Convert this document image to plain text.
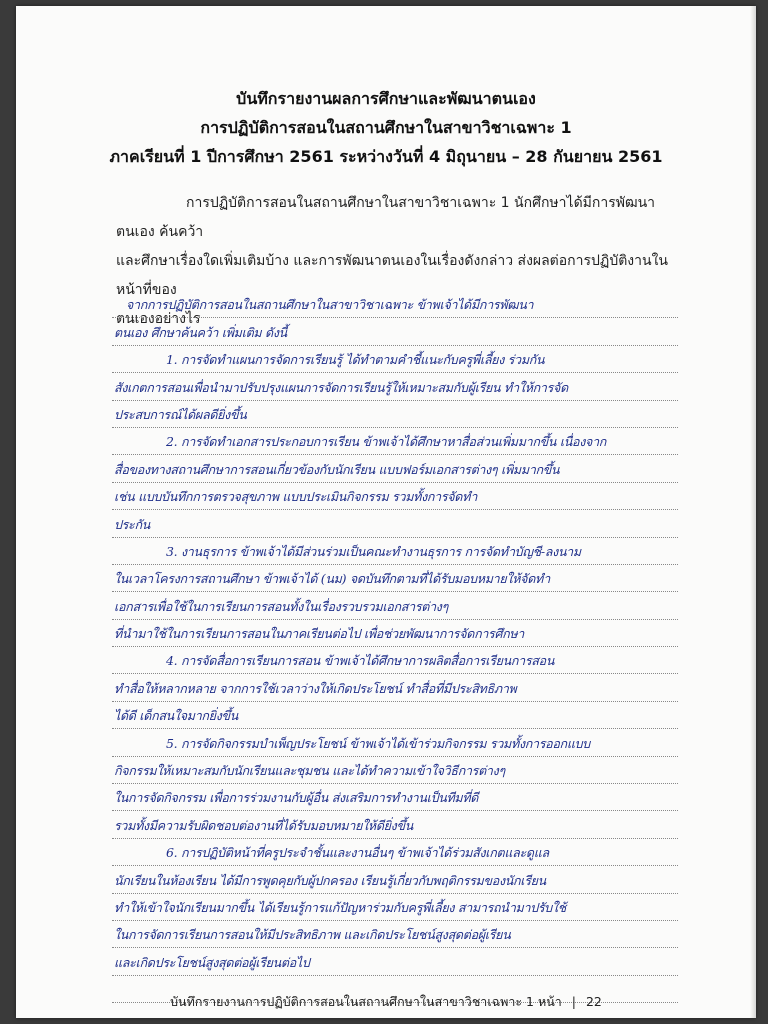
บันทึกรายงานผลการศึกษาและพัฒนาตนเอง
การปฏิบัติการสอนในสถานศึกษาในสาขาวิชาเฉพาะ 1
ภาคเรียนที่ 1 ปีการศึกษา 2561 ระหว่างวันที่ 4 มิถุนายน – 28 กันยายน 2561
การปฏิบัติการสอนในสถานศึกษาในสาขาวิชาเฉพาะ 1 นักศึกษาได้มีการพัฒนาตนเอง ค้นคว้า
และศึกษาเรื่องใดเพิ่มเติมบ้าง และการพัฒนาตนเองในเรื่องดังกล่าว ส่งผลต่อการปฏิบัติงานในหน้าที่ของ
ตนเองอย่างไร
จากการปฏิบัติการสอนในสถานศึกษาในสาขาวิชาเฉพาะ ข้าพเจ้าได้มีการพัฒนา
ตนเอง ศึกษาค้นคว้า เพิ่มเติม ดังนี้
1. การจัดทำแผนการจัดการเรียนรู้ ได้ทำตามคำชี้แนะกับครูพี่เลี้ยง ร่วมกัน
สังเกตการสอนเพื่อนำมาปรับปรุงแผนการจัดการเรียนรู้ให้เหมาะสมกับผู้เรียน ทำให้การจัด
ประสบการณ์ได้ผลดียิ่งขึ้น
2. การจัดทำเอกสารประกอบการเรียน ข้าพเจ้าได้ศึกษาหาสื่อส่วนเพิ่มมากขึ้น เนื่องจาก
สื่อของทางสถานศึกษาการสอนเกี่ยวข้องกับนักเรียน แบบฟอร์มเอกสารต่างๆ เพิ่มมากขึ้น
เช่น แบบบันทึกการตรวจสุขภาพ แบบประเมินกิจกรรม รวมทั้งการจัดทำ
ประกัน
3. งานธุรการ ข้าพเจ้าได้มีส่วนร่วมเป็นคณะทำงานธุรการ การจัดทำบัญชี-ลงนาม
ในเวลาโครงการสถานศึกษา ข้าพเจ้าได้ (นม) จดบันทึกตามที่ได้รับมอบหมายให้จัดทำ
เอกสารเพื่อใช้ในการเรียนการสอนทั้งในเรื่องรวบรวมเอกสารต่างๆ
ที่นำมาใช้ในการเรียนการสอนในภาคเรียนต่อไป เพื่อช่วยพัฒนาการจัดการศึกษา
4. การจัดสื่อการเรียนการสอน ข้าพเจ้าได้ศึกษาการผลิตสื่อการเรียนการสอน
ทำสื่อให้หลากหลาย จากการใช้เวลาว่างให้เกิดประโยชน์ ทำสื่อที่มีประสิทธิภาพ
ได้ดี เด็กสนใจมากยิ่งขึ้น
5. การจัดกิจกรรมบำเพ็ญประโยชน์ ข้าพเจ้าได้เข้าร่วมกิจกรรม รวมทั้งการออกแบบ
กิจกรรมให้เหมาะสมกับนักเรียนและชุมชน และได้ทำความเข้าใจวิธีการต่างๆ
ในการจัดกิจกรรม เพื่อการร่วมงานกับผู้อื่น ส่งเสริมการทำงานเป็นทีมที่ดี
รวมทั้งมีความรับผิดชอบต่องานที่ได้รับมอบหมายให้ดียิ่งขึ้น
6. การปฏิบัติหน้าที่ครูประจำชั้นและงานอื่นๆ ข้าพเจ้าได้ร่วมสังเกตและดูแล
นักเรียนในห้องเรียน ได้มีการพูดคุยกับผู้ปกครอง เรียนรู้เกี่ยวกับพฤติกรรมของนักเรียน
ทำให้เข้าใจนักเรียนมากขึ้น ได้เรียนรู้การแก้ปัญหาร่วมกับครูพี่เลี้ยง สามารถนำมาปรับใช้
ในการจัดการเรียนการสอนให้มีประสิทธิภาพ และเกิดประโยชน์สูงสุดต่อผู้เรียน
และเกิดประโยชน์สูงสุดต่อผู้เรียนต่อไป
บันทึกรายงานการปฏิบัติการสอนในสถานศึกษาในสาขาวิชาเฉพาะ 1 หน้า | 22
